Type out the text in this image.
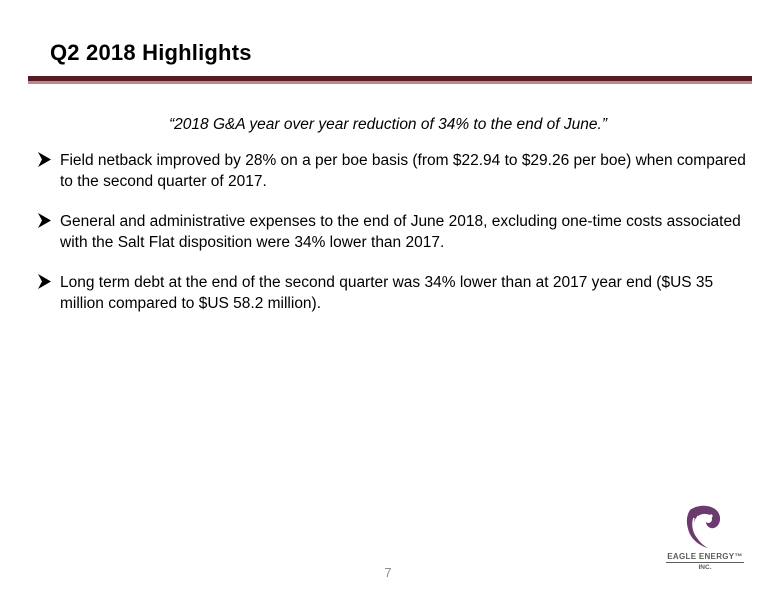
Q2 2018 Highlights
“2018 G&A year over year reduction of 34% to the end of June.”
Field netback improved by 28% on a per boe basis (from $22.94 to $29.26 per boe) when compared to the second quarter of 2017.
General and administrative expenses to the end of June 2018, excluding one-time costs associated with the Salt Flat disposition were 34% lower than 2017.
Long term debt at the end of the second quarter was 34% lower than at 2017 year end ($US 35 million compared to $US 58.2 million).
7
EAGLE ENERGY™
INC.
